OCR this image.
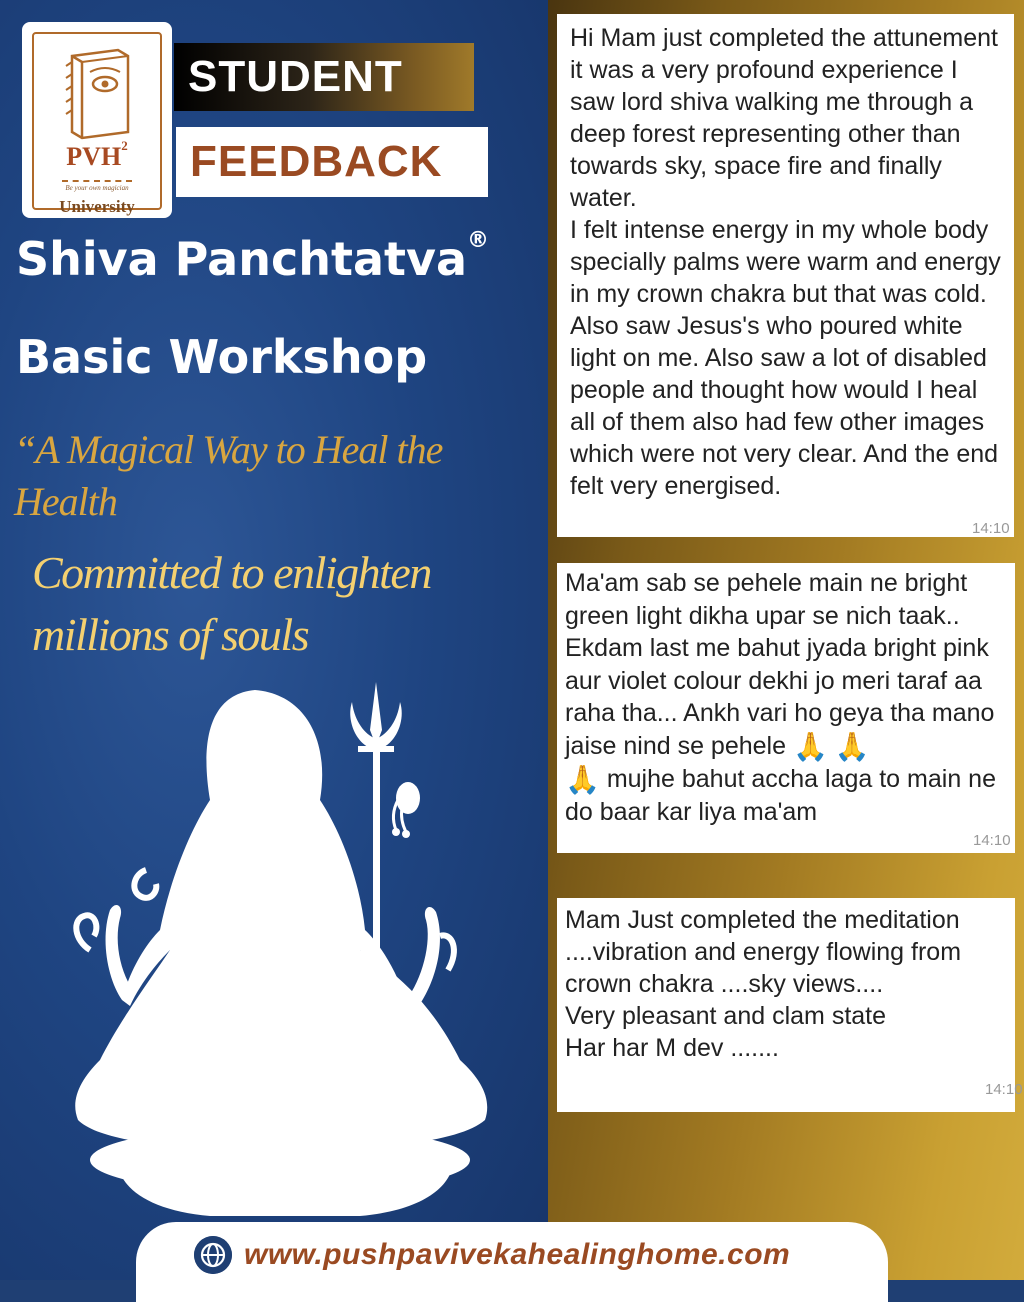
PVH$^2$
Be your own magician
University
STUDENT
FEEDBACK
Shiva Panchtatva®
Basic Workshop
“A Magical Way to Heal the Health
Committed to enlighten millions of souls
Hi Mam just completed the attunement it was a very profound experience I saw lord shiva walking me through a deep forest representing other than towards sky, space fire and finally water.
I felt intense energy in my whole body specially palms were warm and energy in my crown chakra but that was cold. Also saw Jesus's who poured white light on me. Also saw a lot of disabled people and thought how would I heal all of them also had few other images which were not very clear. And the end felt very energised.
14:10
Ma'am sab se pehele main ne bright green light dikha upar se nich taak.. Ekdam last me bahut jyada bright pink aur violet colour dekhi jo meri taraf aa raha tha... Ankh vari ho geya tha mano jaise nind se pehele 🙏 🙏
🙏 mujhe bahut accha laga to main ne do baar kar liya ma'am
14:10
Mam Just completed the meditation ....vibration and energy flowing from crown chakra ....sky views....
Very pleasant and clam state
Har har M dev .......
14:10
www.pushpavivekahealinghome.com
